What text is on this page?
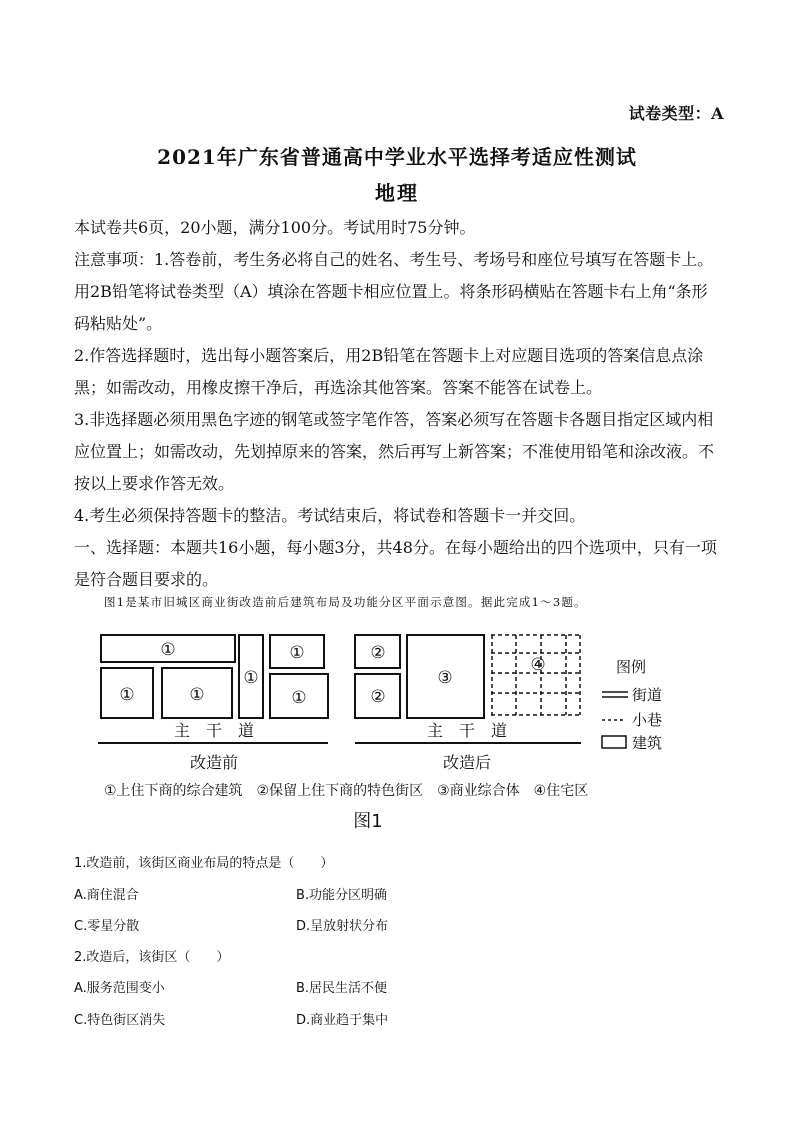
试卷类型：A
2021年广东省普通高中学业水平选择考适应性测试
地理

本试卷共6页，20小题，满分100分。考试用时75分钟。

注意事项：1.答卷前，考生务必将自己的姓名、考生号、考场号和座位号填写在答题卡上。用2B铅笔将试卷类型（A）填涂在答题卡相应位置上。将条形码横贴在答题卡右上角“条形码粘贴处”。

2.作答选择题时，选出每小题答案后，用2B铅笔在答题卡上对应题目选项的答案信息点涂黑；如需改动，用橡皮擦干净后，再选涂其他答案。答案不能答在试卷上。

3.非选择题必须用黑色字迹的钢笔或签字笔作答，答案必须写在答题卡各题目指定区域内相应位置上；如需改动，先划掉原来的答案，然后再写上新答案；不准使用铅笔和涂改液。不按以上要求作答无效。

4.考生必须保持答题卡的整洁。考试结束后，将试卷和答题卡一并交回。

一、选择题：本题共16小题，每小题3分，共48分。在每小题给出的四个选项中，只有一项是符合题目要求的。

图1是某市旧城区商业街改造前后建筑布局及功能分区平面示意图。据此完成1～3题。
①
①	①
①
①
①
②
②
③
④
主　干　道	主　干　道
改造前	改造后
图例
街道
小巷
建筑
①上住下商的综合建筑　②保留上住下商的特色街区　③商业综合体　④住宅区
图1
1.改造前，该街区商业布局的特点是（　　）
A.商住混合	B.功能分区明确
C.零星分散	D.呈放射状分布
2.改造后，该街区（　　）
A.服务范围变小	B.居民生活不便
C.特色街区消失	D.商业趋于集中
